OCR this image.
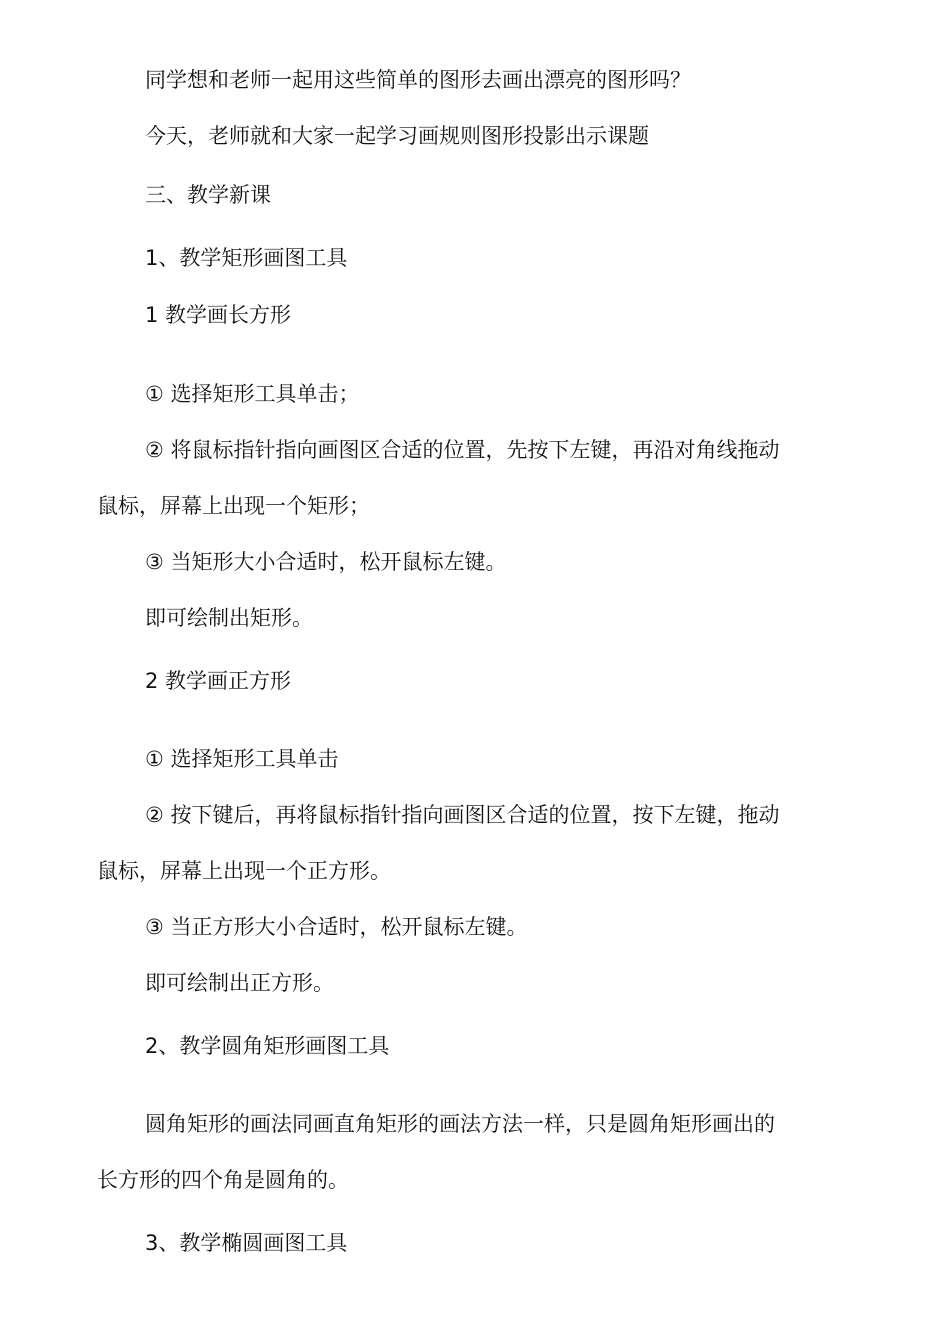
同学想和老师一起用这些简单的图形去画出漂亮的图形吗？

今天，老师就和大家一起学习画规则图形投影出示课题

三、教学新课

1、教学矩形画图工具

1 教学画长方形

① 选择矩形工具单击；

② 将鼠标指针指向画图区合适的位置，先按下左键，再沿对角线拖动

鼠标，屏幕上出现一个矩形；

③ 当矩形大小合适时，松开鼠标左键。

即可绘制出矩形。

2 教学画正方形

① 选择矩形工具单击

② 按下键后，再将鼠标指针指向画图区合适的位置，按下左键，拖动

鼠标，屏幕上出现一个正方形。

③ 当正方形大小合适时，松开鼠标左键。

即可绘制出正方形。

2、教学圆角矩形画图工具

圆角矩形的画法同画直角矩形的画法方法一样，只是圆角矩形画出的

长方形的四个角是圆角的。

3、教学椭圆画图工具
